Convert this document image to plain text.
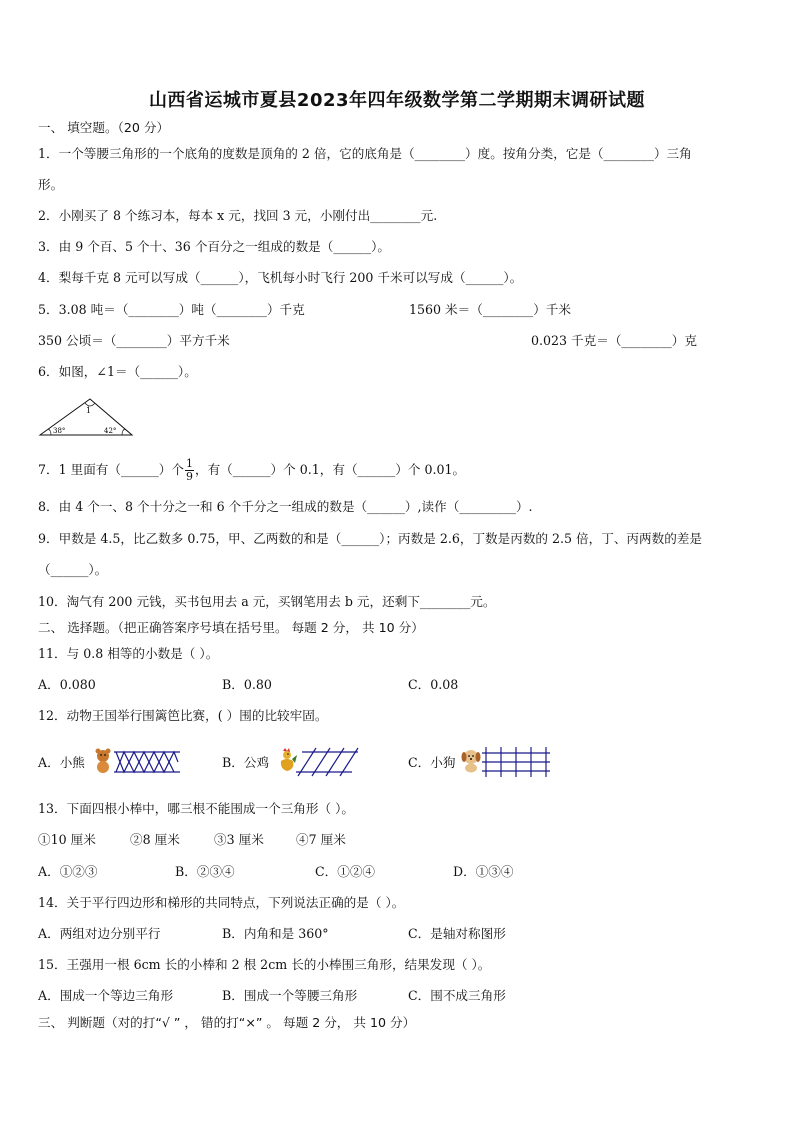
山西省运城市夏县2023年四年级数学第二学期期末调研试题
一、 填空题。（20 分）
1．一个等腰三角形的一个底角的度数是顶角的 2 倍，它的底角是（________）度。按角分类，它是（________）三角
形。
2．小刚买了 8 个练习本，每本 x 元，找回 3 元，小刚付出________元.
3．由 9 个百、5 个十、36 个百分之一组成的数是（______）。
4．梨每千克 8 元可以写成（______），飞机每小时飞行 200 千米可以写成（______）。
5．3.08 吨＝（________）吨（________）千克	1560 米＝（________）千米
350 公顷＝（________）平方千米	0.023 千克＝（________）克
6．如图，∠1＝（______）。
1
38°	42°
7．1 里面有（______）个 $\frac{1}{9}$ ，有（______）个 0.1，有（______）个 0.01。
8．由 4 个一、8 个十分之一和 6 个千分之一组成的数是（______）,读作（_________）.
9．甲数是 4.5，比乙数多 0.75，甲、乙两数的和是（______）；丙数是 2.6，丁数是丙数的 2.5 倍，丁、丙两数的差是
（______）。
10．淘气有 200 元钱，买书包用去 a 元，买钢笔用去 b 元，还剩下________元。
二、 选择题。（把正确答案序号填在括号里。 每题 2 分， 共 10 分）
11．与 0.8 相等的小数是（ ）。
A．0.080	B．0.80	C．0.08
12．动物王国举行围篱笆比赛，( ）围的比较牢固。
A．小熊	B．公鸡	C．小狗
13．下面四根小棒中，哪三根不能围成一个三角形（ ）。
①10 厘米	②8 厘米	③3 厘米	④7 厘米
A．①②③	B．②③④	C．①②④	D．①③④
14．关于平行四边形和梯形的共同特点，下列说法正确的是（ ）。
A．两组对边分别平行	B．内角和是 360°	C．是轴对称图形
15．王强用一根 6cm 长的小棒和 2 根 2cm 长的小棒围三角形，结果发现（ ）。
A．围成一个等边三角形	B．围成一个等腰三角形	C．围不成三角形
三、 判断题（对的打“√ ” ， 错的打“×” 。 每题 2 分， 共 10 分）
